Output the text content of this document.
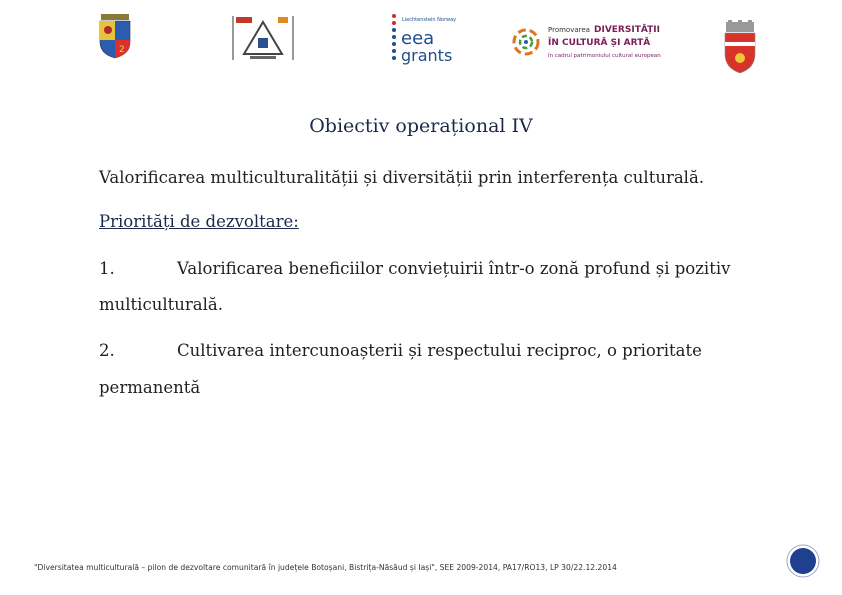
2
Liechtenstein Norway
eea
grants
Promovarea DIVERSITĂȚII
ÎN CULTURĂ ȘI ARTĂ
în cadrul patrimoniului cultural european
Obiectiv operațional IV

Valorificarea multiculturalității și diversității prin interferența culturală.

Priorități de dezvoltare:

1.	Valorificarea beneficiilor conviețuirii într-o zonă profund și pozitiv
multiculturală.
2.	Cultivarea intercunoașterii și respectului reciproc, o prioritate
permanentă
"Diversitatea multiculturală – pilon de dezvoltare comunitară în județele Botoșani, Bistrița-Năsăud și Iași", SEE 2009-2014, PA17/RO13, LP 30/22.12.2014
